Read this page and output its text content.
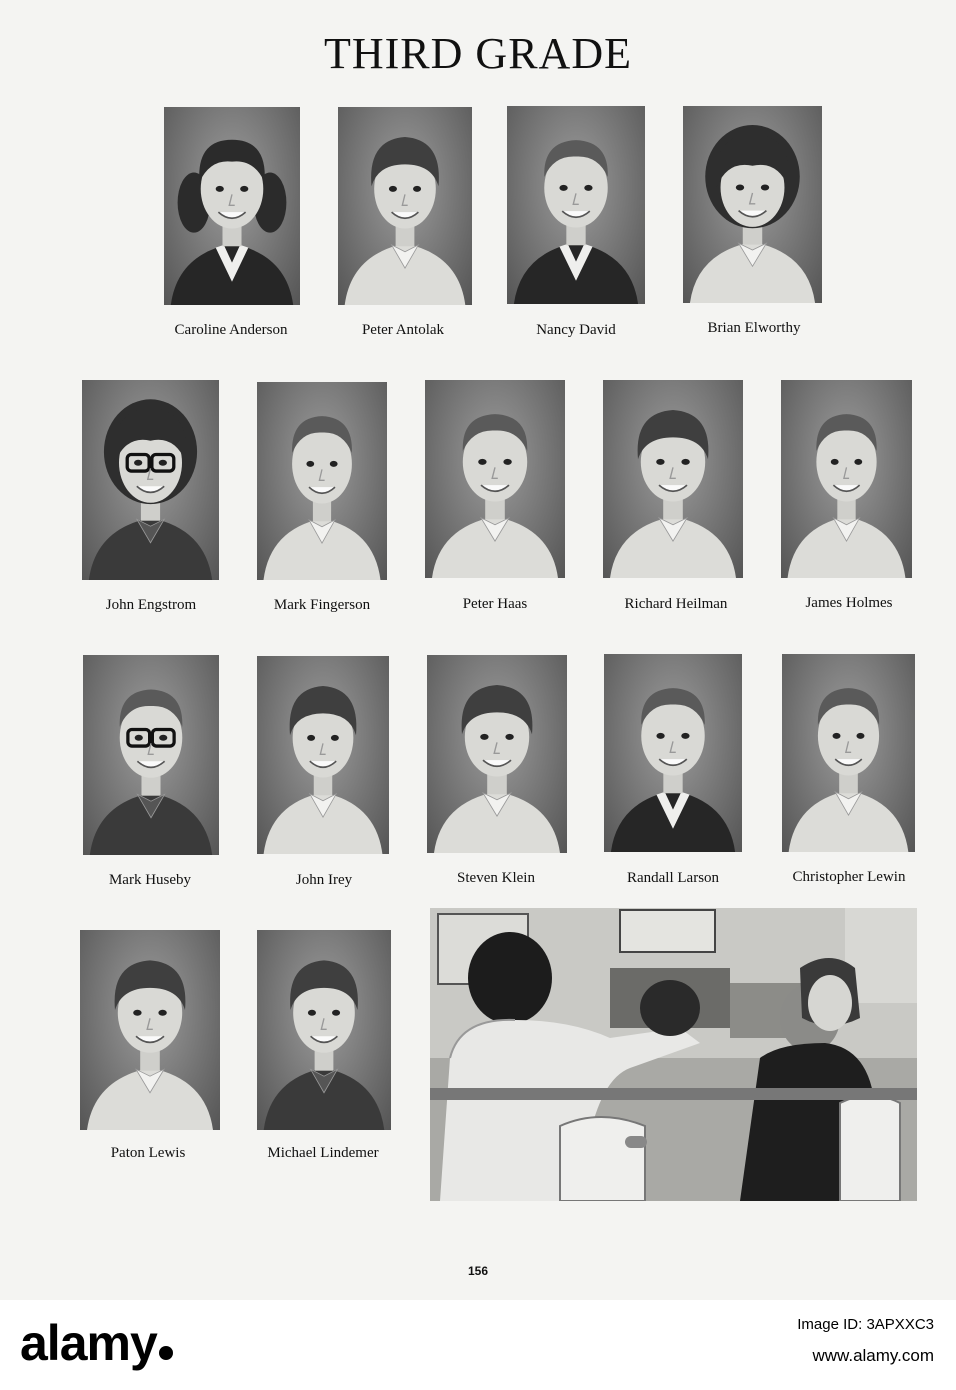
THIRD GRADE
Caroline Anderson	Peter Antolak	Nancy David	Brian Elworthy
John Engstrom	Mark Fingerson	Peter Haas	Richard Heilman	James Holmes
Mark Huseby	John Irey	Steven Klein	Randall Larson	Christopher Lewin
Paton Lewis	Michael Lindemer
156
alamy	Image ID: 3APXXC3
www.alamy.com
